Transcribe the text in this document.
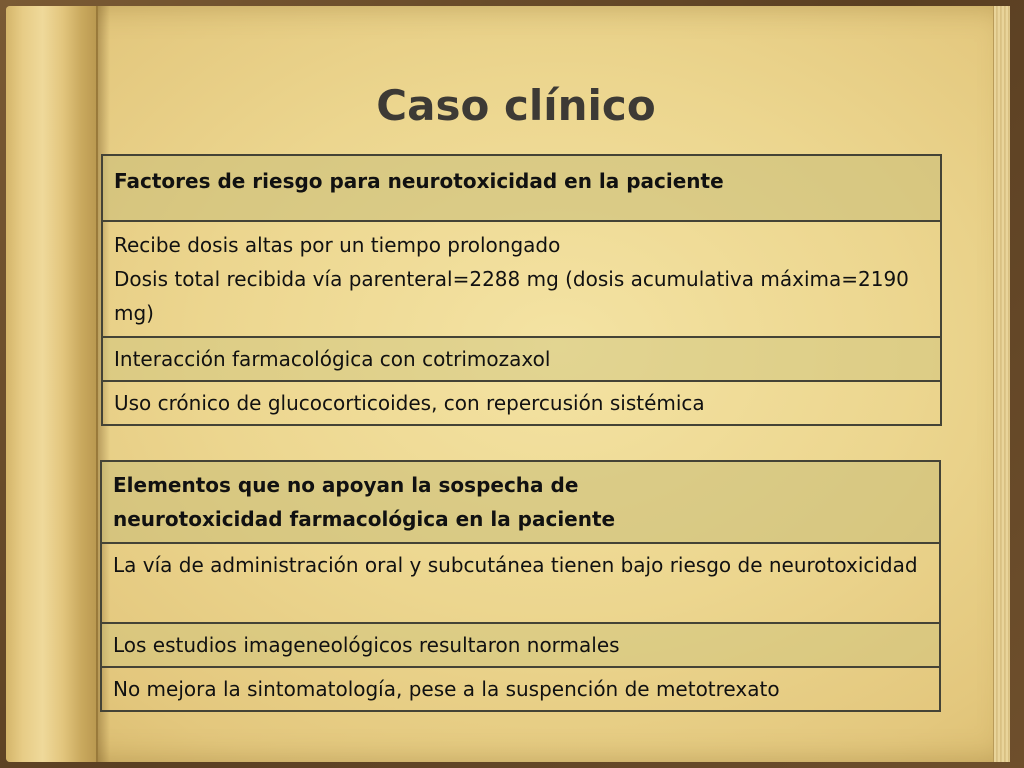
Caso clínico
Factores de riesgo para neurotoxicidad en la paciente

Recibe dosis altas por un tiempo prolongado
Dosis total recibida vía parenteral=2288 mg (dosis acumulativa máxima=2190 mg)

Interacción farmacológica con cotrimozaxol

Uso crónico de glucocorticoides, con repercusión sistémica
Elementos que no apoyan la sospecha de
neurotoxicidad farmacológica en la paciente

La vía de administración oral y subcutánea tienen bajo riesgo de neurotoxicidad

Los estudios imageneológicos resultaron normales

No mejora la sintomatología, pese a la suspención de metotrexato
